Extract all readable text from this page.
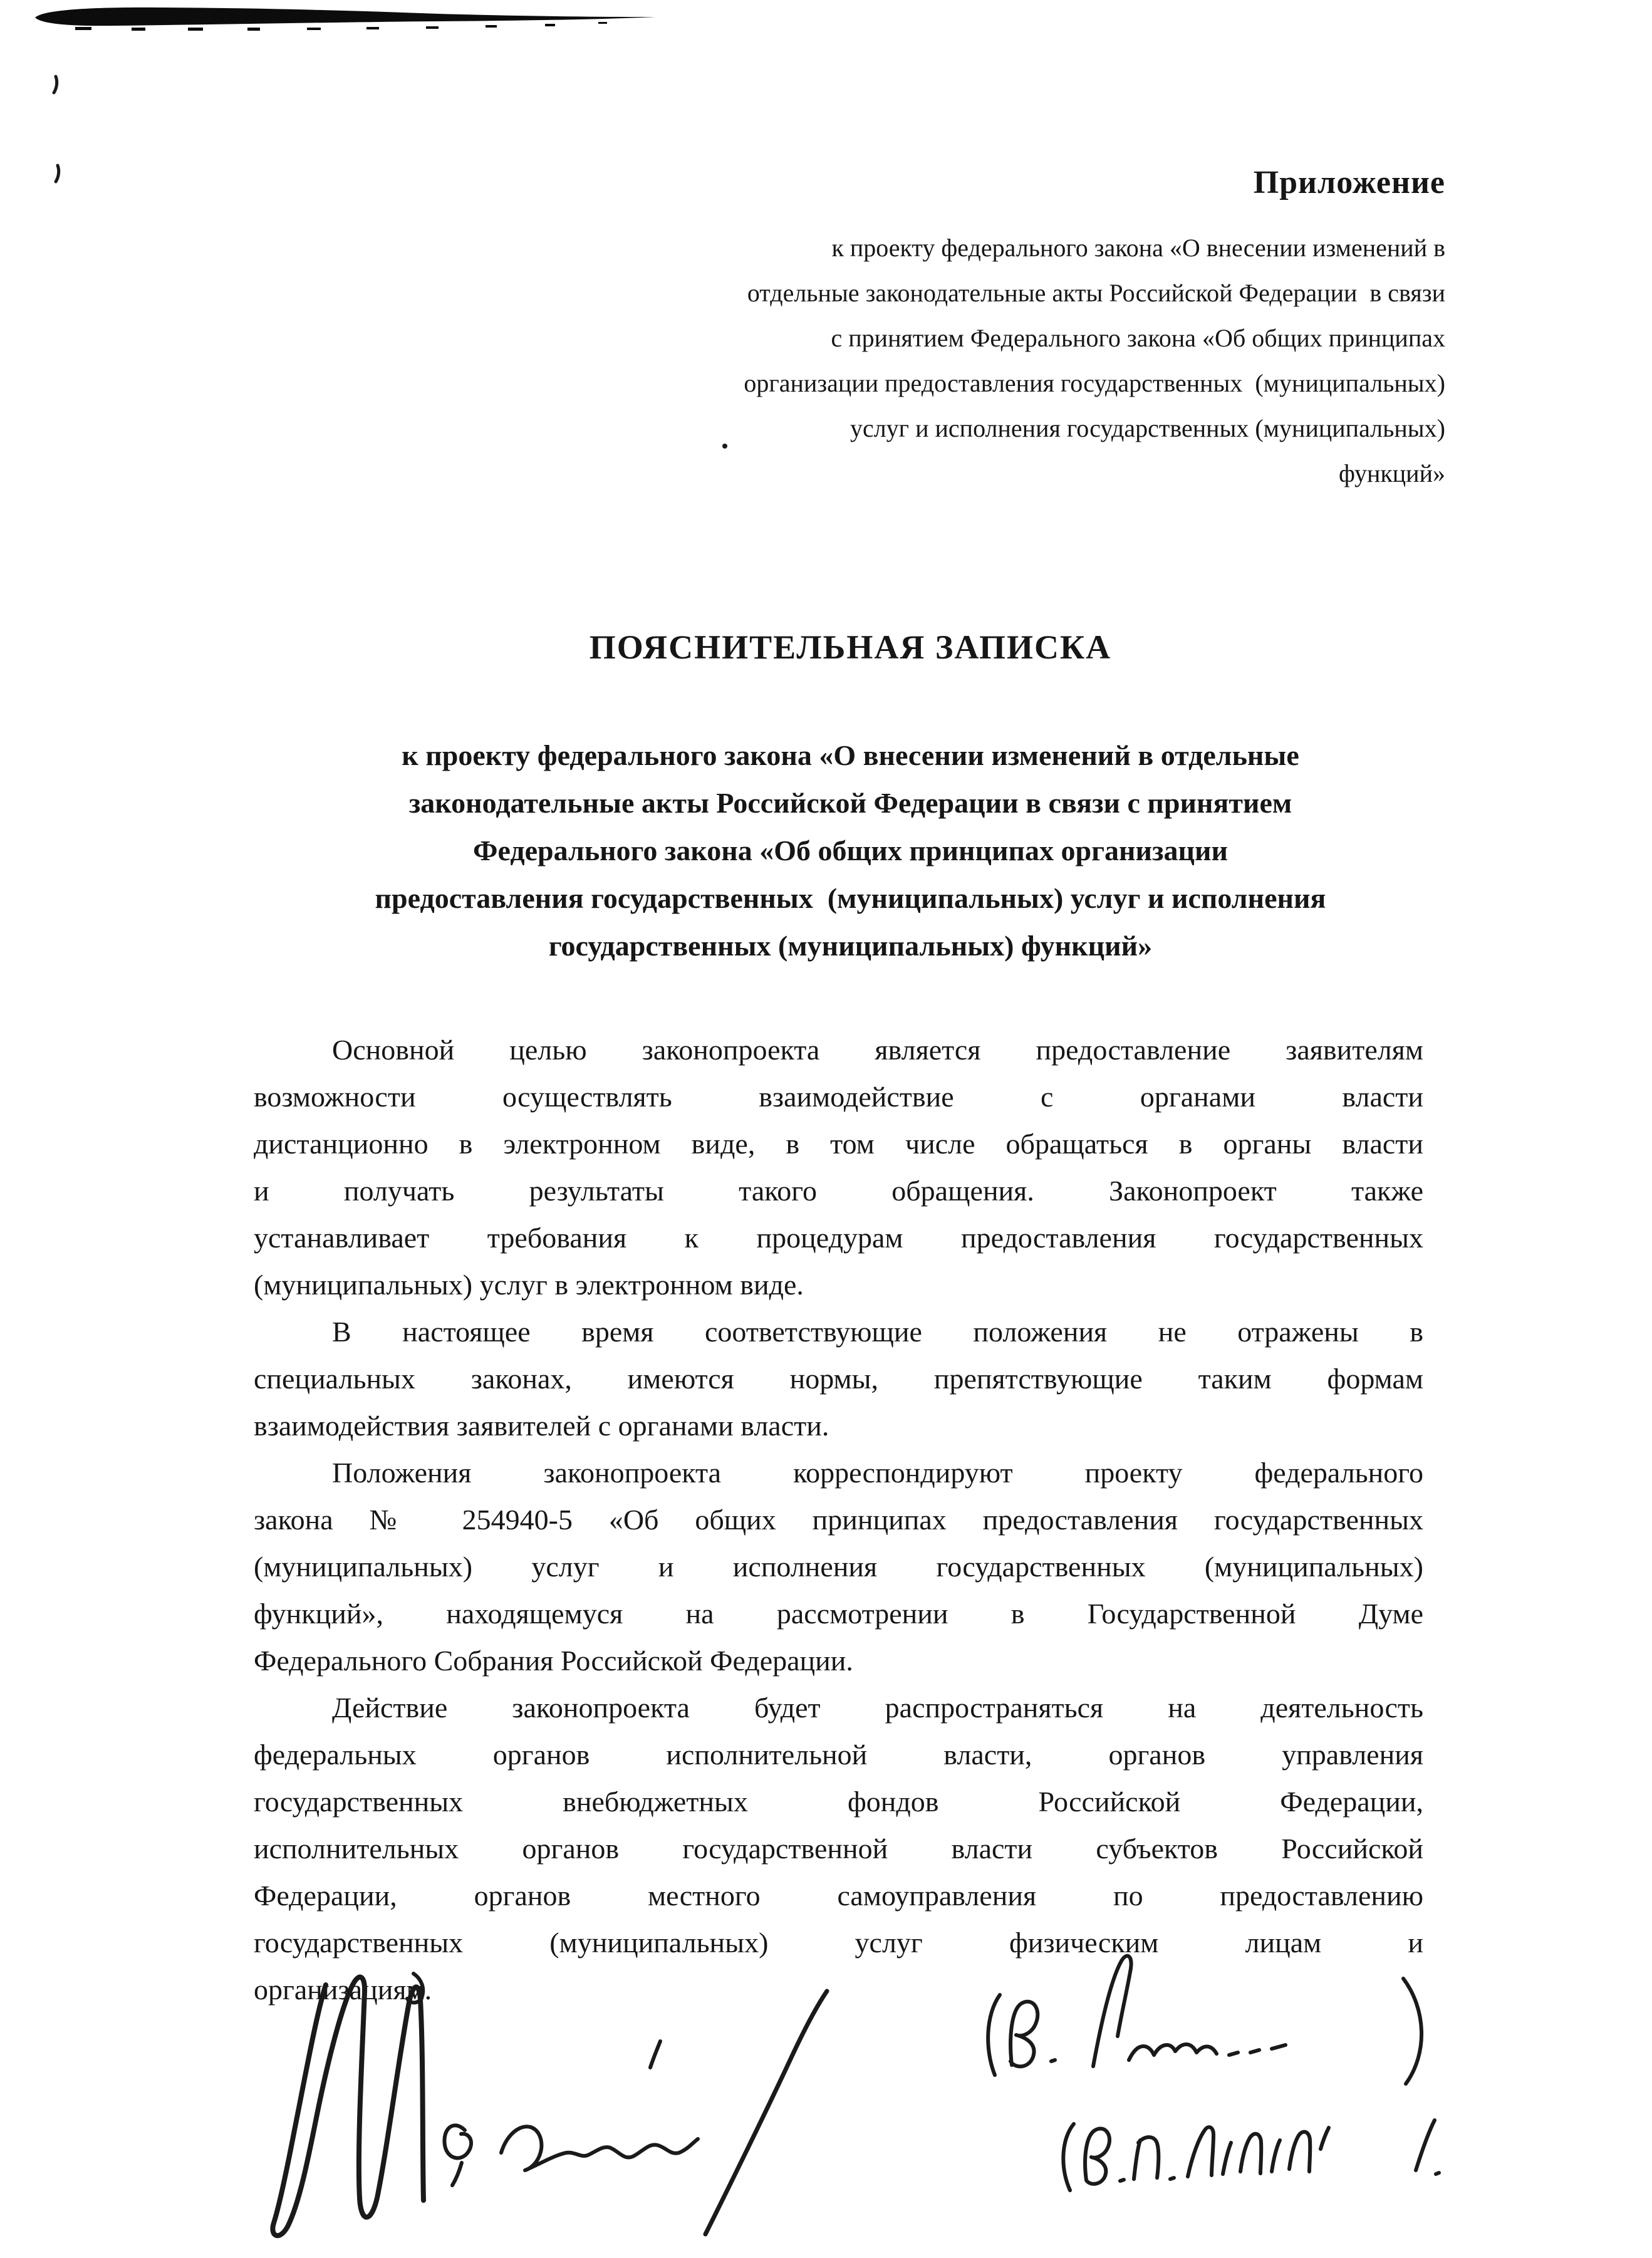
Приложение
к проекту федерального закона «О внесении изменений в
отдельные законодательные акты Российской Федерации  в связи
с принятием Федерального закона «Об общих принципах
организации предоставления государственных  (муниципальных)
услуг и исполнения государственных (муниципальных)
функций»
ПОЯСНИТЕЛЬНАЯ ЗАПИСКА
к проекту федерального закона «О внесении изменений в отдельные
законодательные акты Российской Федерации в связи с принятием
Федерального закона «Об общих принципах организации
предоставления государственных  (муниципальных) услуг и исполнения
государственных (муниципальных) функций»
Основной целью законопроекта является предоставление заявителям
возможности осуществлять взаимодействие с органами власти
дистанционно в электронном виде, в том числе обращаться в органы власти
и получать результаты такого обращения. Законопроект также
устанавливает требования к процедурам предоставления государственных
(муниципальных) услуг в электронном виде.
В настоящее время соответствующие положения не отражены в
специальных законах, имеются нормы, препятствующие таким формам
взаимодействия заявителей с органами власти.
Положения законопроекта корреспондируют проекту федерального
закона № 254940-5 «Об общих принципах предоставления государственных
(муниципальных) услуг и исполнения государственных (муниципальных)
функций», находящемуся на рассмотрении в Государственной Думе
Федерального Собрания Российской Федерации.
Действие законопроекта будет распространяться на деятельность
федеральных органов исполнительной власти, органов управления
государственных внебюджетных фондов Российской Федерации,
исполнительных органов государственной власти субъектов Российской
Федерации, органов местного самоуправления по предоставлению
государственных (муниципальных) услуг физическим лицам и
организациям.
